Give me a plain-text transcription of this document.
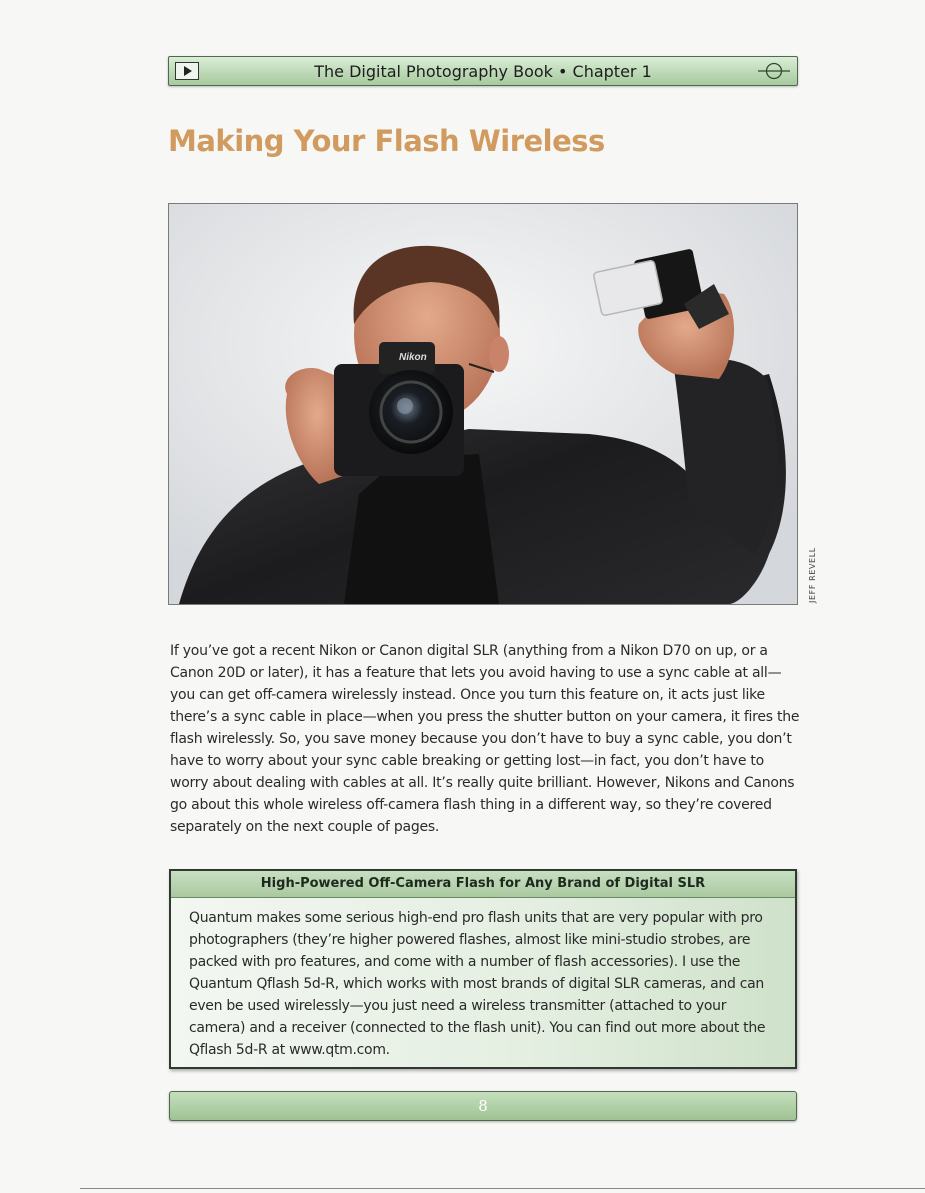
The Digital Photography Book • Chapter 1
Making Your Flash Wireless
Nikon
JEFF REVELL

If you’ve got a recent Nikon or Canon digital SLR (anything from a Nikon D70 on up, or a Canon 20D or later), it has a feature that lets you avoid having to use a sync cable at all—you can get off-camera wirelessly instead. Once you turn this feature on, it acts just like there’s a sync cable in place—when you press the shutter button on your camera, it fires the flash wirelessly. So, you save money because you don’t have to buy a sync cable, you don’t have to worry about your sync cable breaking or getting lost—in fact, you don’t have to worry about dealing with cables at all. It’s really quite brilliant. However, Nikons and Canons go about this whole wireless off-camera flash thing in a different way, so they’re covered separately on the next couple of pages.

High-Powered Off-Camera Flash for Any Brand of Digital SLR

Quantum makes some serious high-end pro flash units that are very popular with pro photographers (they’re higher powered flashes, almost like mini-studio strobes, are packed with pro features, and come with a number of flash accessories). I use the Quantum Qflash 5d-R, which works with most brands of digital SLR cameras, and can even be used wirelessly—you just need a wireless transmitter (attached to your camera) and a receiver (connected to the flash unit). You can find out more about the Qflash 5d-R at www.qtm.com.

8
